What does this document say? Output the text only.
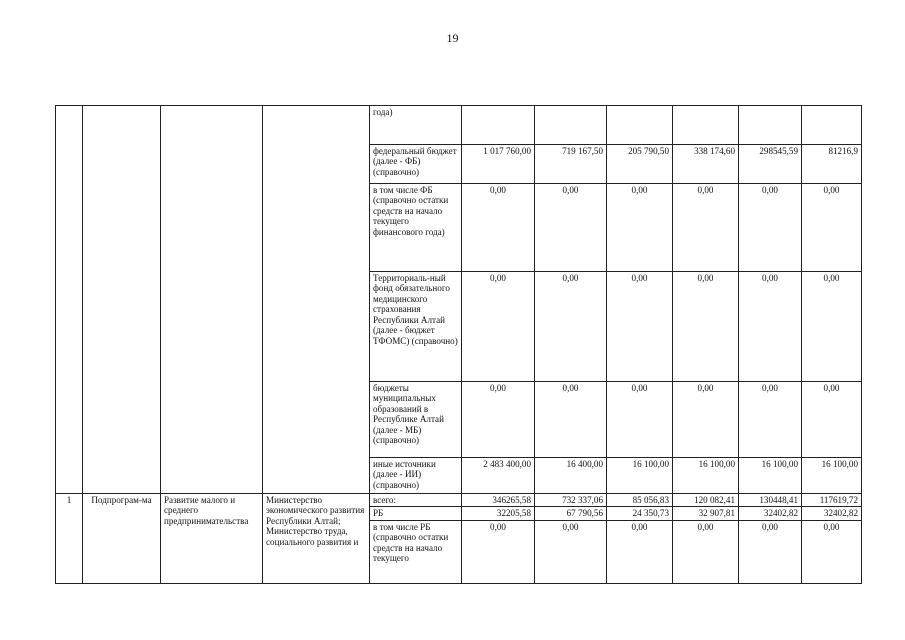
19
				года)						
				федеральный бюджет (далее - ФБ) (справочно)	1 017 760,00	719 167,50	205 790,50	338 174,60	298545,59	81216,9
				в том числе ФБ (справочно остатки средств на начало текущего финансового года)	0,00	0,00	0,00	0,00	0,00	0,00
				Территориаль-ный фонд обязательного медицинского страхования Республики Алтай (далее - бюджет ТФОМС) (справочно)	0,00	0,00	0,00	0,00	0,00	0,00
				бюджеты муниципальных образований в Республике Алтай (далее - МБ) (справочно)	0,00	0,00	0,00	0,00	0,00	0,00
				иные источники (далее - ИИ) (справочно)	2 483 400,00	16 400,00	16 100,00	16 100,00	16 100,00	16 100,00
1	Подпрограм-ма	Развитие малого и среднего предпринимательства	Министерство экономического развития Республики Алтай; Министерство труда, социального развития и	всего:	346265,58	732 337,06	85 056,83	120 082,41	130448,41	117619,72
				РБ	32205,58	67 790,56	24 350,73	32 907,81	32402,82	32402,82
				в том числе РБ (справочно остатки средств на начало текущего	0,00	0,00	0,00	0,00	0,00	0,00
